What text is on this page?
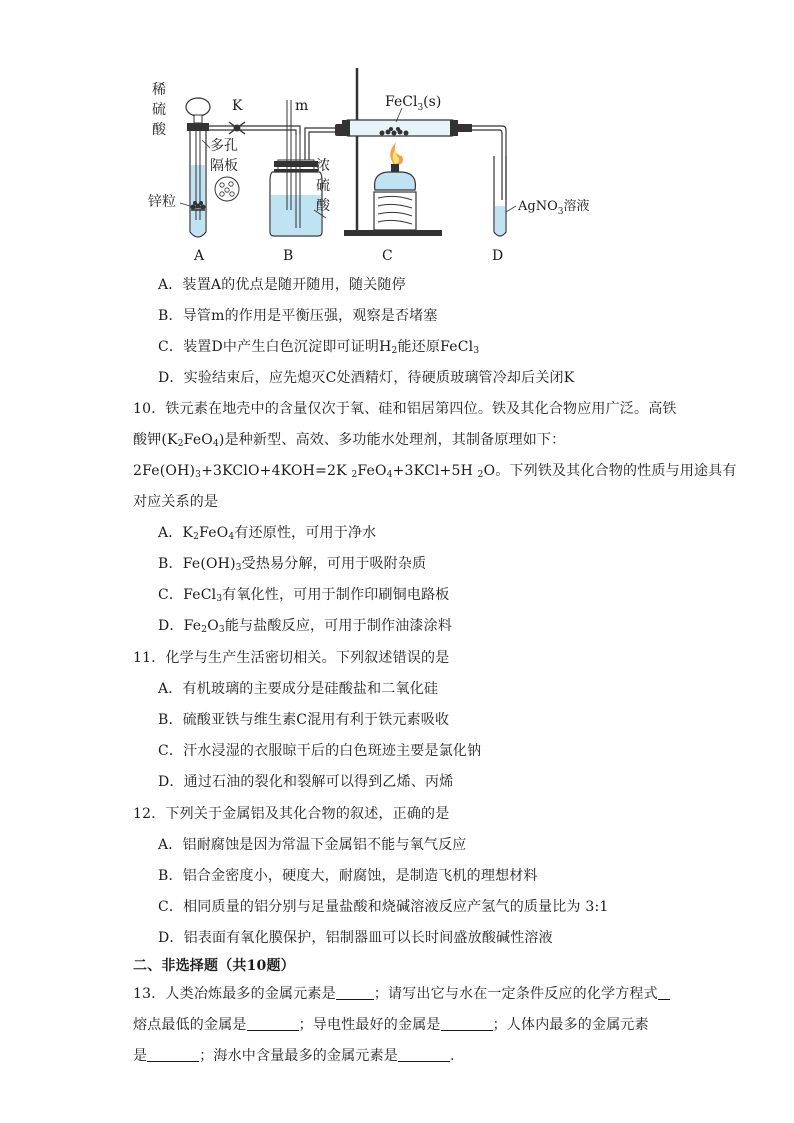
稀
硫
酸
K	m
多孔
隔板
锌粒
浓
硫
酸
FeCl$_3$(s)
AgNO$_3$溶液
A	B	C	D
A．装置A的优点是随开随用，随关随停
B．导管m的作用是平衡压强，观察是否堵塞
C．装置D中产生白色沉淀即可证明$H_2$能还原FeCl$_3$
D．实验结束后，应先熄灭C处酒精灯，待硬质玻璃管冷却后关闭K
10．铁元素在地壳中的含量仅次于氧、硅和铝居第四位。铁及其化合物应用广泛。高铁
酸钾$(K_2FeO_4)$是种新型、高效、多功能水处理剂，其制备原理如下：
$2Fe(OH)_3+3KClO+4KOH=2K$ $_2$FeO$_4$+3KCl+5H $_2$O。下列铁及其化合物的性质与用途具有
对应关系的是
A．$K_2FeO_4$有还原性，可用于净水
B．$Fe(OH)_3$受热易分解，可用于吸附杂质
C．FeCl$_3$有氧化性，可用于制作印刷铜电路板
D．$Fe_2O_3$能与盐酸反应，可用于制作油漆涂料
11．化学与生产生活密切相关。下列叙述错误的是
A．有机玻璃的主要成分是硅酸盐和二氧化硅
B．硫酸亚铁与维生素C混用有利于铁元素吸收
C．汗水浸湿的衣服晾干后的白色斑迹主要是氯化钠
D．通过石油的裂化和裂解可以得到乙烯、丙烯
12．下列关于金属铝及其化合物的叙述，正确的是
A．铝耐腐蚀是因为常温下金属铝不能与氧气反应
B．铝合金密度小，硬度大，耐腐蚀，是制造飞机的理想材料
C．相同质量的铝分别与足量盐酸和烧碱溶液反应产氢气的质量比为 3:1
D．铝表面有氧化膜保护，铝制器皿可以长时间盛放酸碱性溶液
二、非选择题（共10题）
13．人类冶炼最多的金属元素是	；请写出它与水在一定条件反应的化学方程式
熔点最低的金属是	；导电性最好的金属是	；人体内最多的金属元素
是	；海水中含量最多的金属元素是	.
